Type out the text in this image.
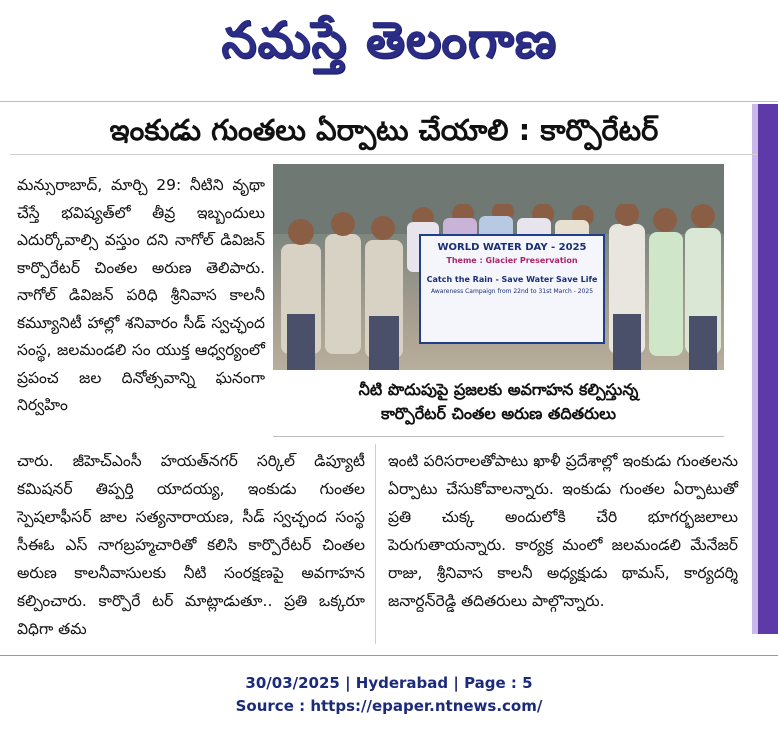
నమస్తే తెలంగాణ
ఇంకుడు గుంతలు ఏర్పాటు చేయాలి : కార్పొరేటర్

మన్సురాబాద్, మార్చి 29: నీటిని వృథా చేస్తే భవిష్యత్‌లో తీవ్ర ఇబ్బందులు ఎదుర్కోవాల్సి వస్తుం దని నాగోల్ డివిజన్ కార్పొరేటర్ చింతల అరుణ తెలిపారు. నాగోల్ డివిజన్ పరిధి శ్రీనివాస కాలనీ కమ్యూనిటీ హాల్లో శనివారం సీడ్ స్వచ్ఛంద సంస్థ, జలమండలి సం యుక్త ఆధ్వర్యంలో ప్రపంచ జల దినోత్సవాన్ని ఘనంగా నిర్వహిం

WORLD WATER DAY - 2025
Theme : Glacier Preservation
Catch the Rain - Save Water Save Life
Awareness Campaign from 22nd to 31st March - 2025
నీటి పొదుపుపై ప్రజలకు అవగాహన కల్పిస్తున్న
కార్పొరేటర్ చింతల అరుణ తదితరులు

చారు. జీహెచ్ఎంసీ హయత్‌నగర్ సర్కిల్ డిప్యూటీ కమిషనర్ తిప్పర్తి యాదయ్య, ఇంకుడు గుంతల స్పెషలాఫీసర్ జాల సత్యనారాయణ, సీడ్ స్వచ్ఛంద సంస్థ సీఈఓ ఎస్ నాగబ్రహ్మచారితో కలిసి కార్పొరేటర్ చింతల అరుణ కాలనీవాసులకు నీటి సంరక్షణపై అవగాహన కల్పించారు. కార్పొరే టర్ మాట్లాడుతూ.. ప్రతి ఒక్కరూ విధిగా తమ

ఇంటి పరిసరాలతోపాటు ఖాళీ ప్రదేశాల్లో ఇంకుడు గుంతలను ఏర్పాటు చేసుకోవాలన్నారు. ఇంకుడు గుంతల ఏర్పాటుతో ప్రతి చుక్క అందులోకి చేరి భూగర్భజలాలు పెరుగుతాయన్నారు. కార్యక్ర మంలో జలమండలి మేనేజర్ రాజు, శ్రీనివాస కాలనీ అధ్యక్షుడు థామస్, కార్యదర్శి జనార్దన్‌రెడ్డి తదితరులు పాల్గొన్నారు.

30/03/2025 | Hyderabad | Page : 5
Source : https://epaper.ntnews.com/
